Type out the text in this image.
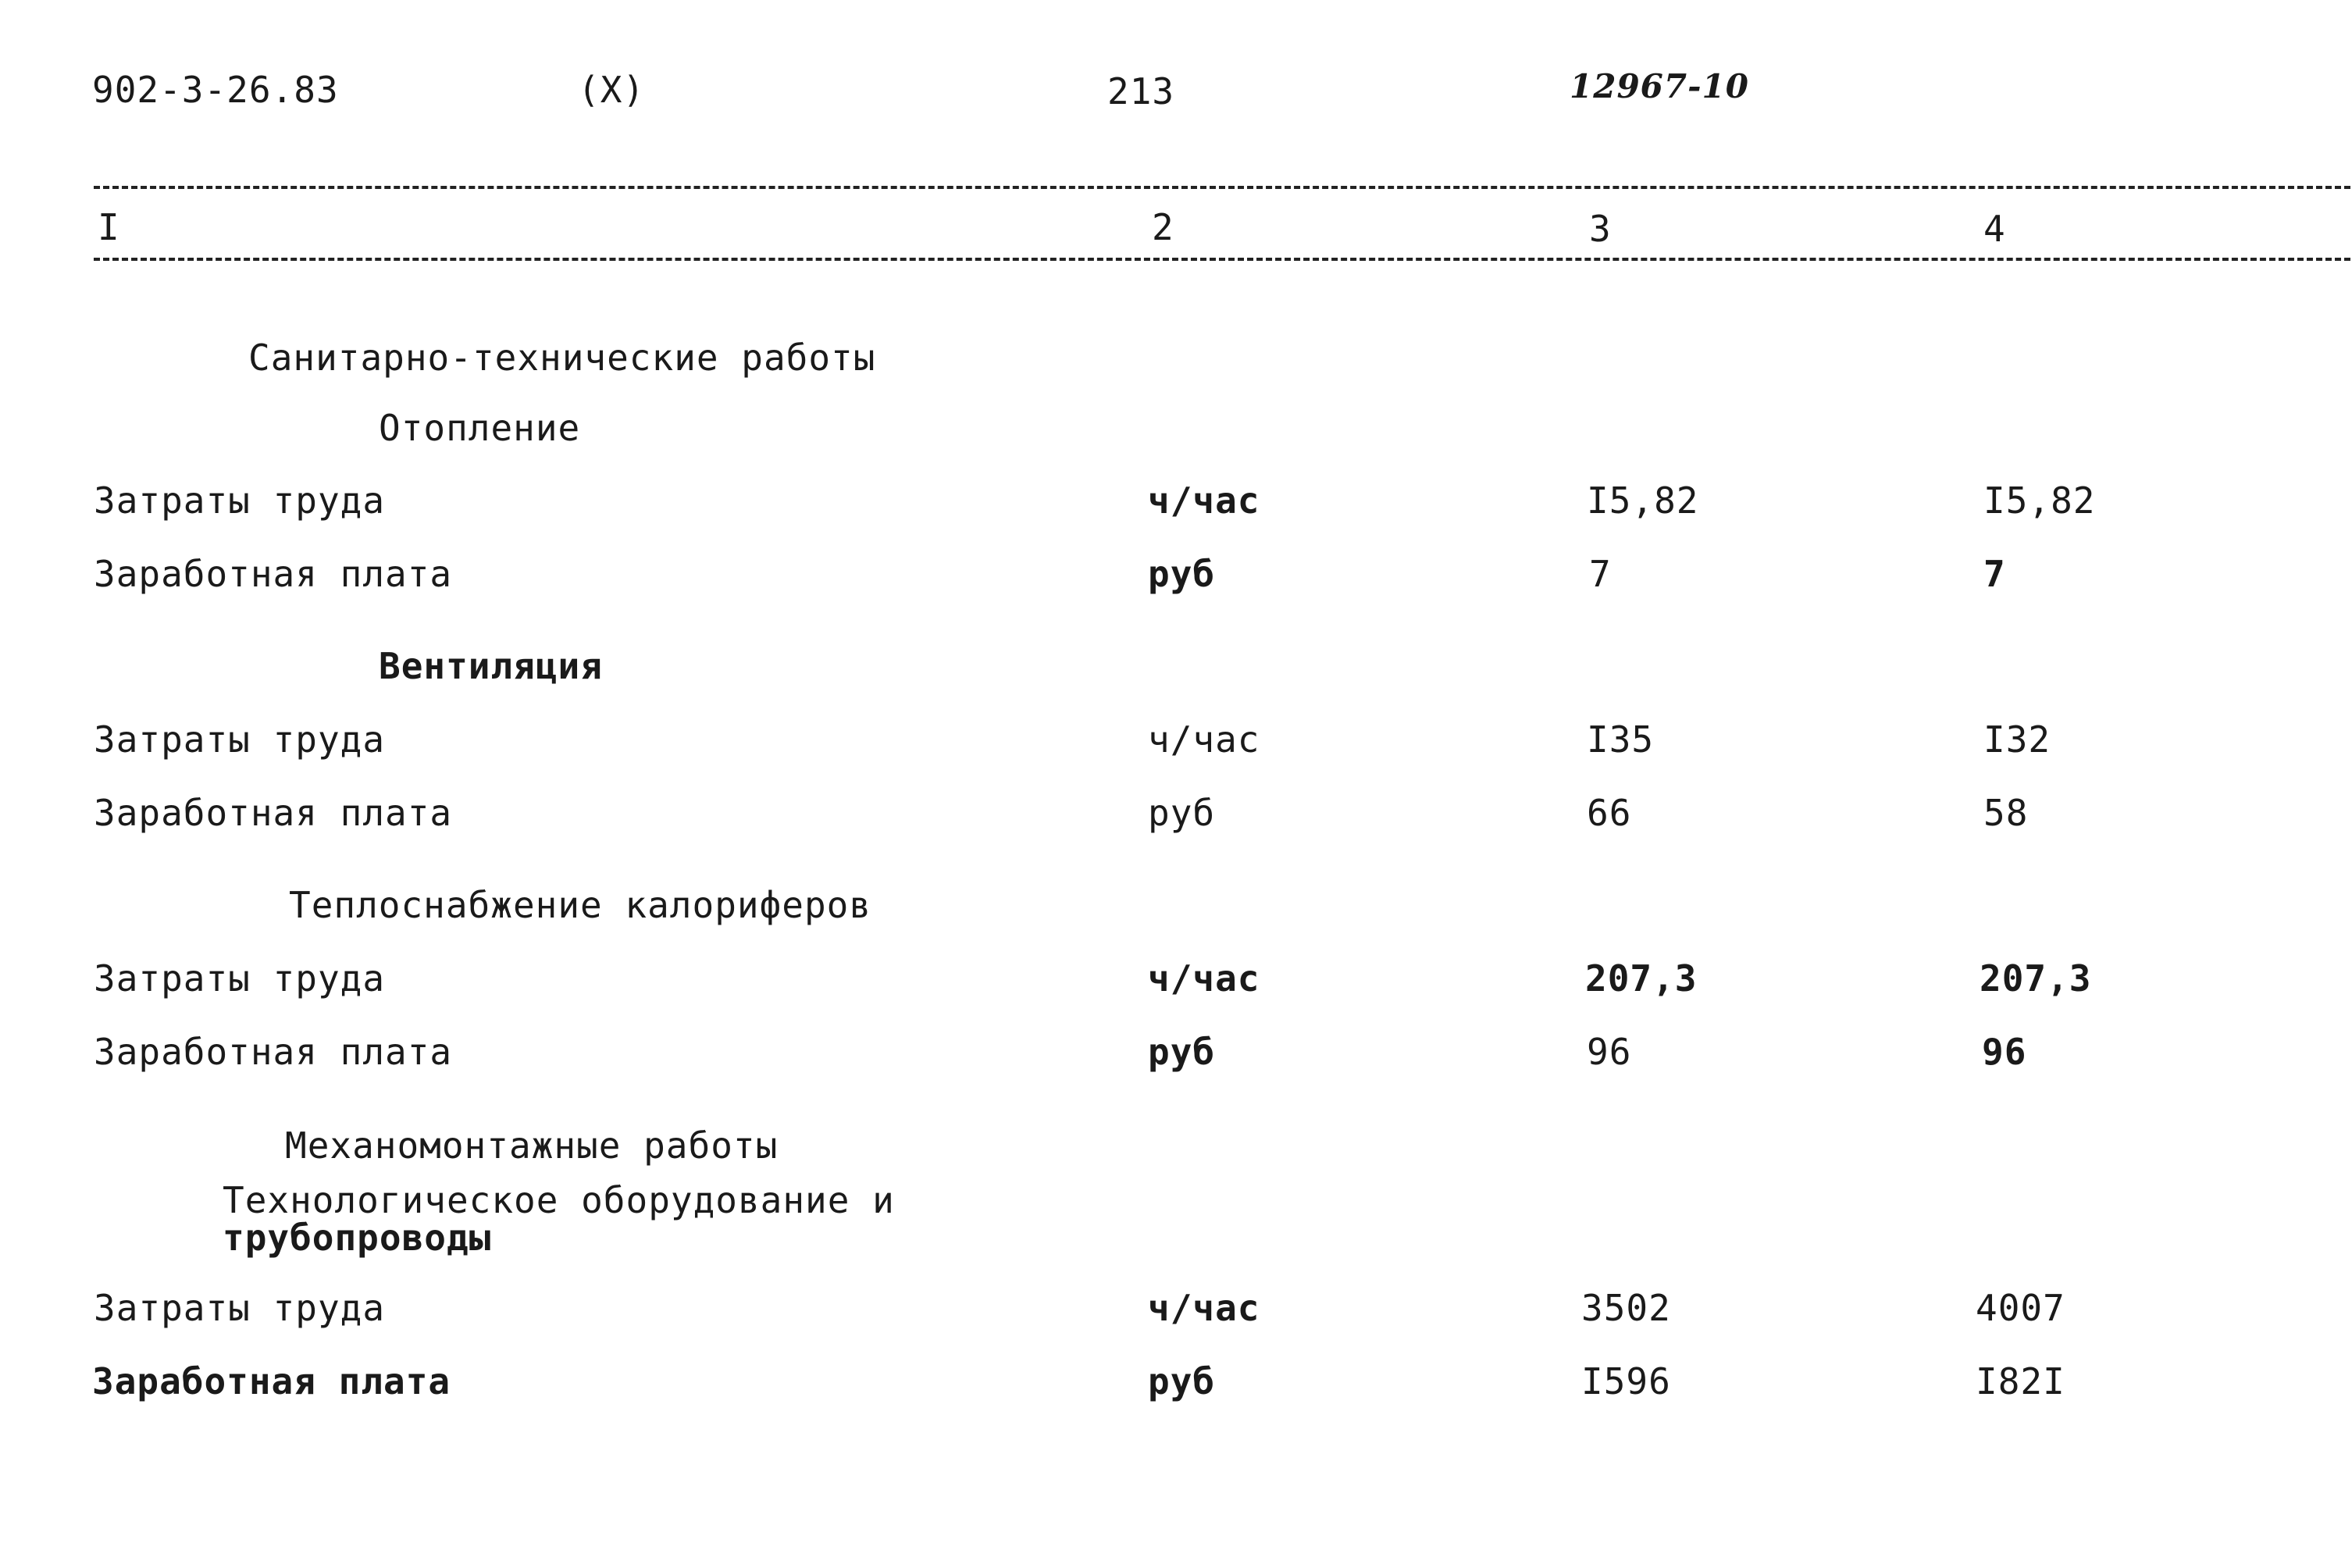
902-3-26.83	(X)	213	12967-10
I	2	3	4
Санитарно-технические работы
Отопление
Затраты труда	ч/час	I5,82	I5,82
Заработная плата	руб	7	7
Вентиляция
Затраты труда	ч/час	I35	I32
Заработная плата	руб	66	58
Теплоснабжение калориферов
Затраты труда	ч/час	207,3	207,3
Заработная плата	руб	96	96
Механомонтажные работы
Технологическое оборудование и
трубопроводы
Затраты труда	ч/час	3502	4007
Заработная плата	руб	I596	I82I
